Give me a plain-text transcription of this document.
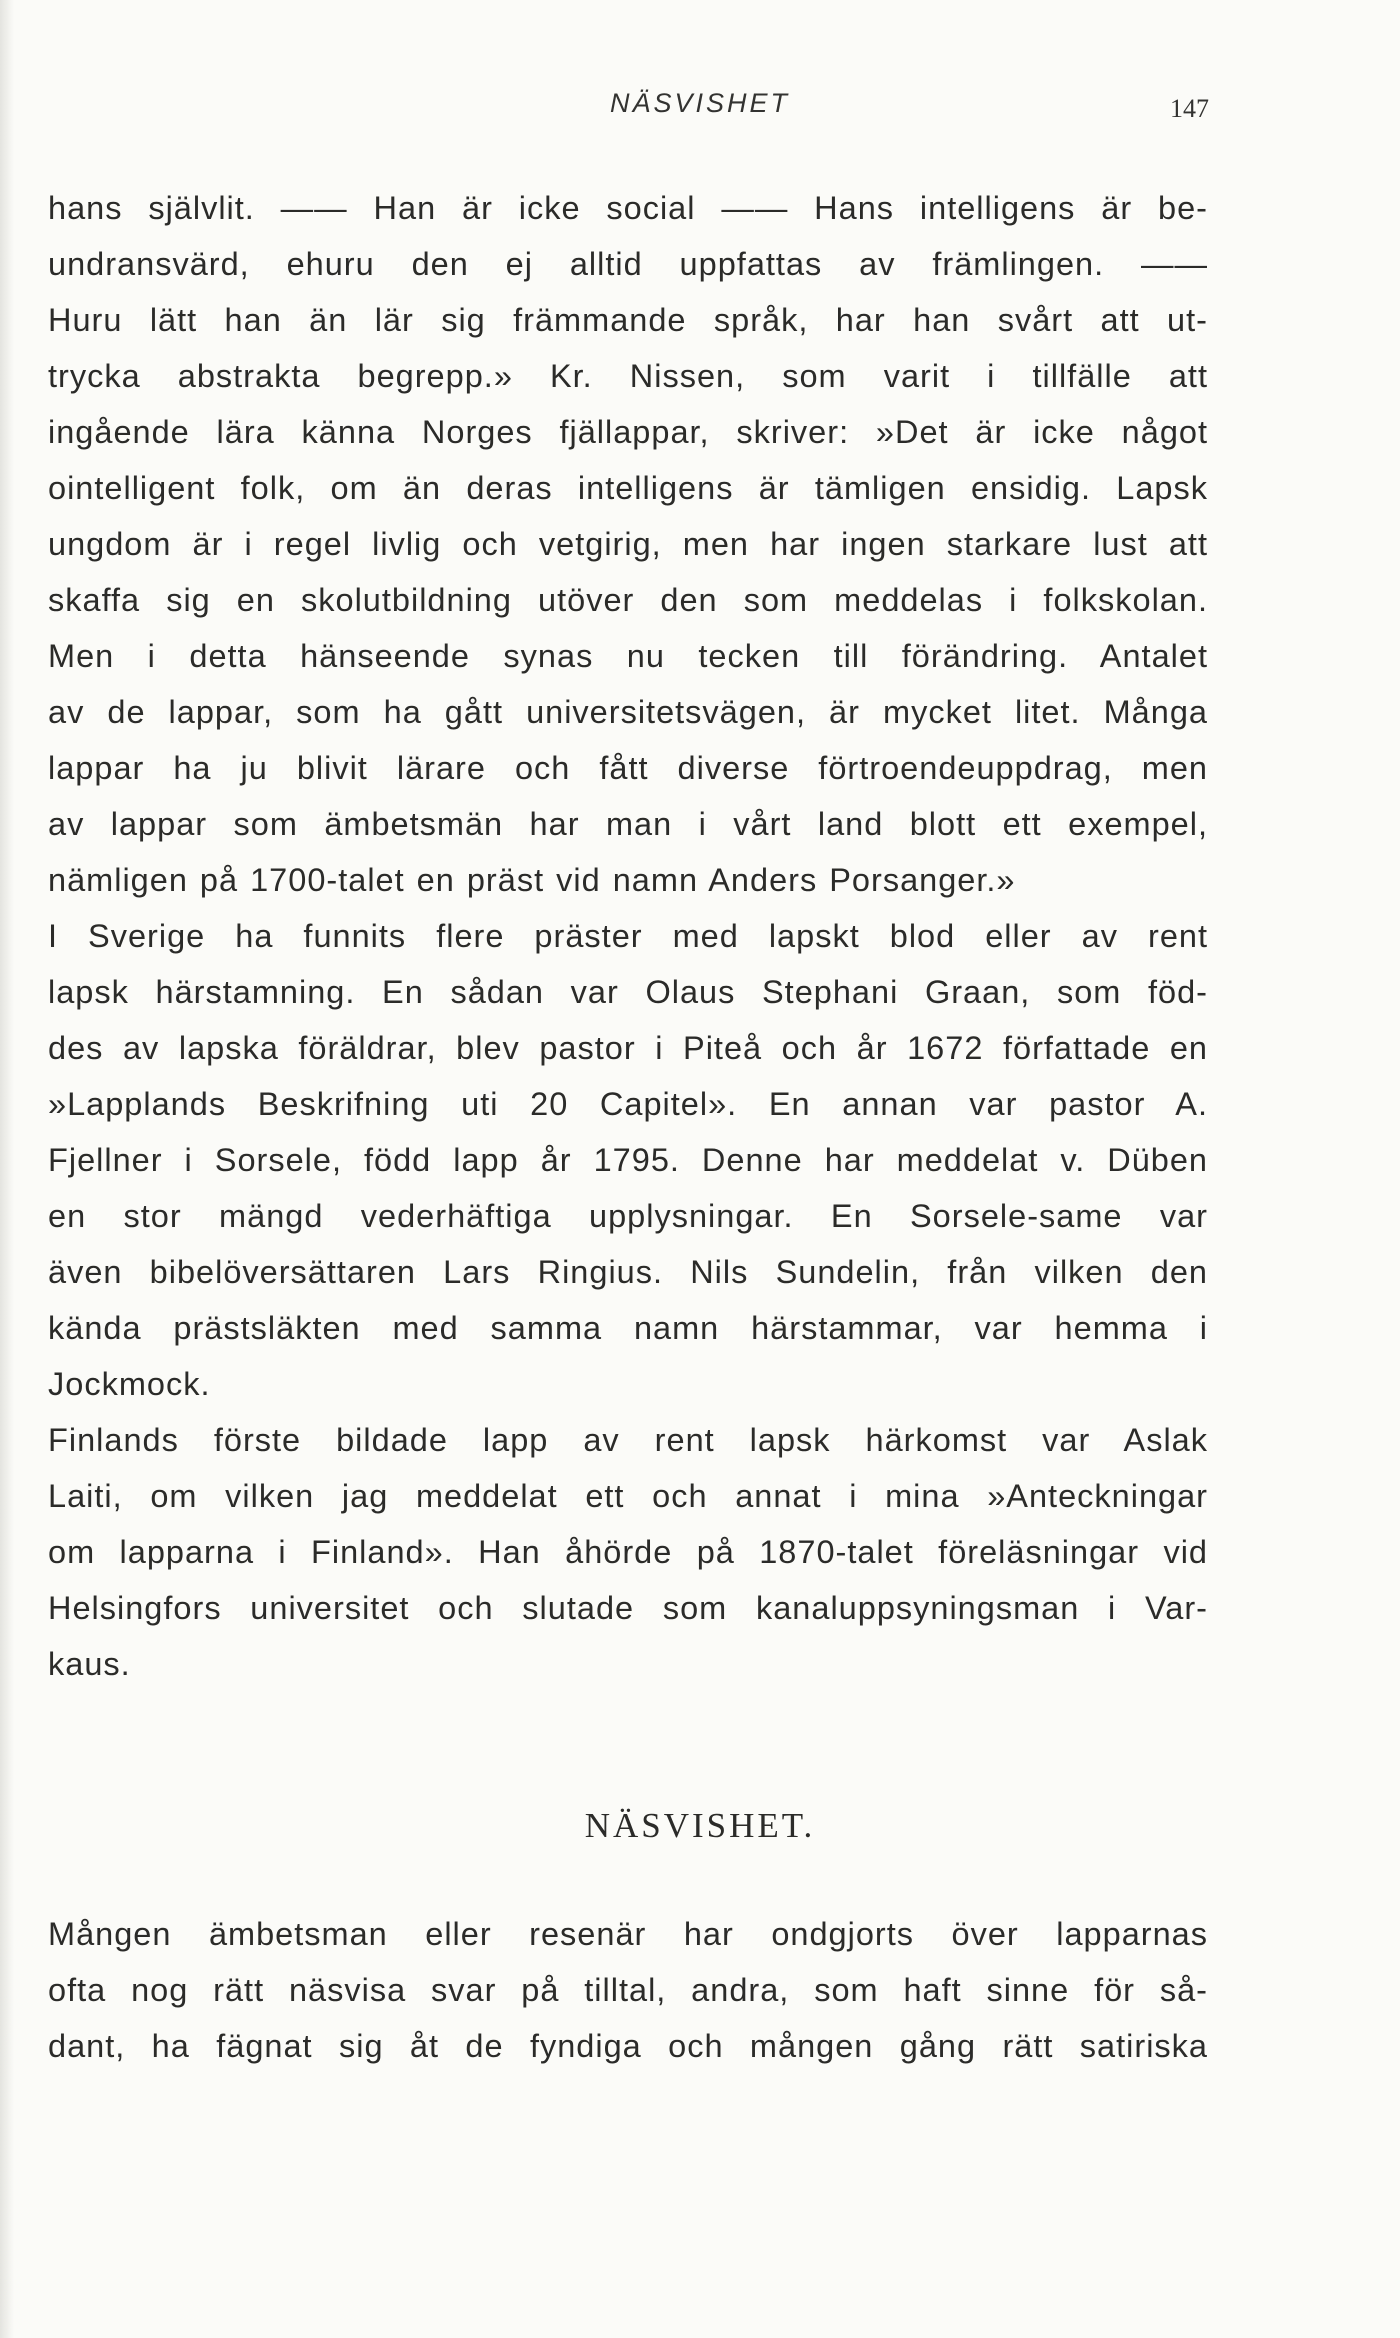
NÄSVISHET	147
hans självlit. —— Han är icke social —— Hans intelligens är be-
undransvärd, ehuru den ej alltid uppfattas av främlingen. ——
Huru lätt han än lär sig främmande språk, har han svårt att ut-
trycka abstrakta begrepp.» Kr. Nissen, som varit i tillfälle att
ingående lära känna Norges fjällappar, skriver: »Det är icke något
ointelligent folk, om än deras intelligens är tämligen ensidig. Lapsk
ungdom är i regel livlig och vetgirig, men har ingen starkare lust att
skaffa sig en skolutbildning utöver den som meddelas i folkskolan.
Men i detta hänseende synas nu tecken till förändring. Antalet
av de lappar, som ha gått universitetsvägen, är mycket litet. Många
lappar ha ju blivit lärare och fått diverse förtroendeuppdrag, men
av lappar som ämbetsmän har man i vårt land blott ett exempel,
nämligen på 1700-talet en präst vid namn Anders Porsanger.»
I Sverige ha funnits flere präster med lapskt blod eller av rent
lapsk härstamning. En sådan var Olaus Stephani Graan, som föd-
des av lapska föräldrar, blev pastor i Piteå och år 1672 författade en
»Lapplands Beskrifning uti 20 Capitel». En annan var pastor A.
Fjellner i Sorsele, född lapp år 1795. Denne har meddelat v. Düben
en stor mängd vederhäftiga upplysningar. En Sorsele-same var
även bibelöversättaren Lars Ringius. Nils Sundelin, från vilken den
kända prästsläkten med samma namn härstammar, var hemma i
Jockmock.
Finlands förste bildade lapp av rent lapsk härkomst var Aslak
Laiti, om vilken jag meddelat ett och annat i mina »Anteckningar
om lapparna i Finland». Han åhörde på 1870-talet föreläsningar vid
Helsingfors universitet och slutade som kanaluppsyningsman i Var-
kaus.
NÄSVISHET.
Mången ämbetsman eller resenär har ondgjorts över lapparnas
ofta nog rätt näsvisa svar på tilltal, andra, som haft sinne för så-
dant, ha fägnat sig åt de fyndiga och mången gång rätt satiriska
